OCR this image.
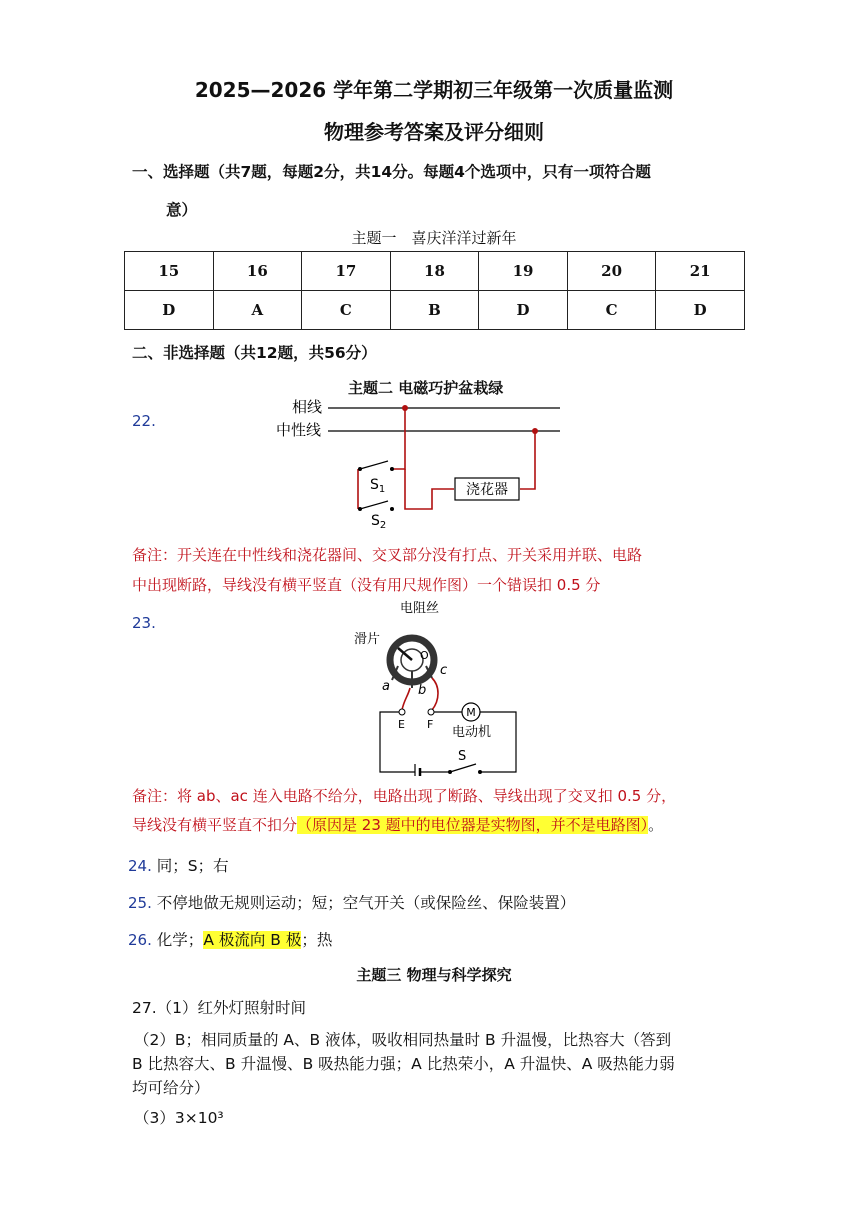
2025—2026 学年第二学期初三年级第一次质量监测
物理参考答案及评分细则
一、选择题（共7题，每题2分，共14分。每题4个选项中，只有一项符合题
意）
主题一　喜庆洋洋过新年
15	16	17	18	19	20	21
D	A	C	B	D	C	D
二、非选择题（共12题，共56分）
主题二 电磁巧护盆栽绿
22.
相线
中性线
$S_1$
$S_2$
浇花器
备注：开关连在中性线和浇花器间、交叉部分没有打点、开关采用并联、电路
中出现断路，导线没有横平竖直（没有用尺规作图）一个错误扣 0.5 分
23.
电阻丝
滑片
O
a b
c
E F
M
电动机
S
备注：将 ab、ac 连入电路不给分，电路出现了断路、导线出现了交叉扣 0.5 分，
导线没有横平竖直不扣分（原因是 23 题中的电位器是实物图，并不是电路图）。
24. 同；S；右
25. 不停地做无规则运动；短；空气开关（或保险丝、保险装置）
26. 化学；A 极流向 B 极；热
主题三 物理与科学探究
27.（1）红外灯照射时间
（2）B；相同质量的 A、B 液体，吸收相同热量时 B 升温慢，比热容大（答到
B 比热容大、B 升温慢、B 吸热能力强；A 比热荣小，A 升温快、A 吸热能力弱
均可给分）
（3）3×10³
